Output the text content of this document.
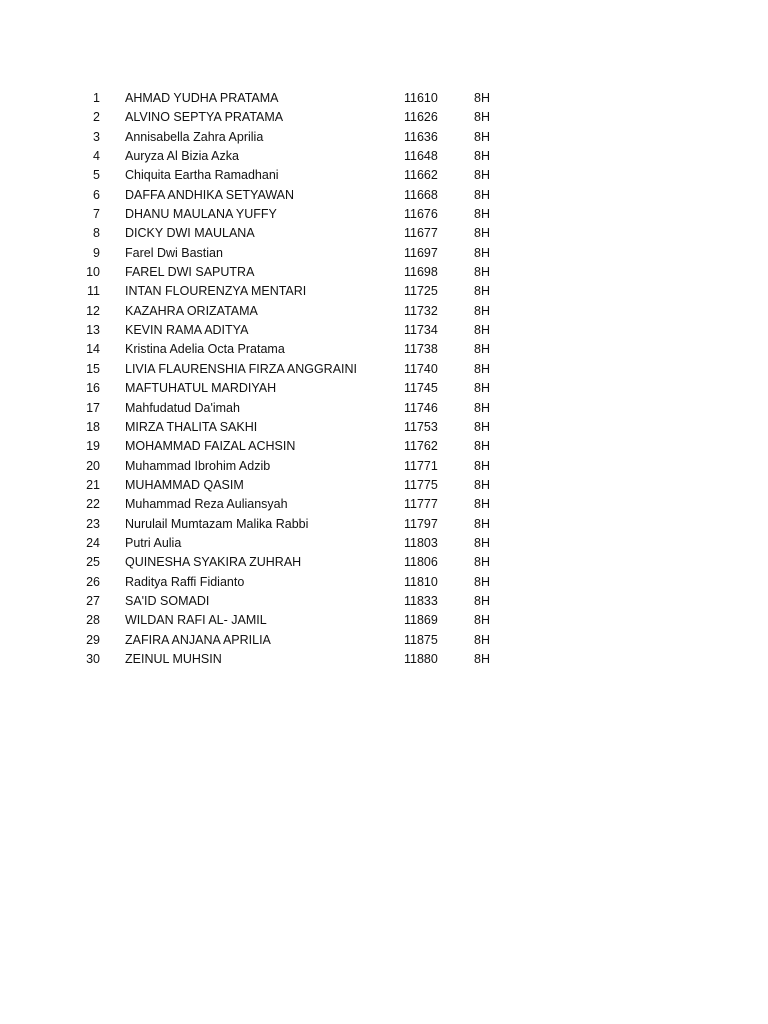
1 AHMAD YUDHA PRATAMA	11610	8H
2 ALVINO SEPTYA PRATAMA	11626	8H
3 Annisabella Zahra Aprilia	11636	8H
4 Auryza Al Bizia Azka	11648	8H
5 Chiquita Eartha Ramadhani	11662	8H
6 DAFFA ANDHIKA SETYAWAN	11668	8H
7 DHANU MAULANA YUFFY	11676	8H
8 DICKY DWI MAULANA	11677	8H
9 Farel Dwi Bastian	11697	8H
10 FAREL DWI SAPUTRA	11698	8H
11 INTAN FLOURENZYA MENTARI	11725	8H
12 KAZAHRA ORIZATAMA	11732	8H
13 KEVIN RAMA ADITYA	11734	8H
14 Kristina Adelia Octa Pratama	11738	8H
15 LIVIA FLAURENSHIA FIRZA ANGGRAINI	11740	8H
16 MAFTUHATUL MARDIYAH	11745	8H
17 Mahfudatud Da'imah	11746	8H
18 MIRZA THALITA SAKHI	11753	8H
19 MOHAMMAD FAIZAL ACHSIN	11762	8H
20 Muhammad Ibrohim Adzib	11771	8H
21 MUHAMMAD QASIM	11775	8H
22 Muhammad Reza Auliansyah	11777	8H
23 Nurulail Mumtazam Malika Rabbi	11797	8H
24 Putri Aulia	11803	8H
25 QUINESHA SYAKIRA ZUHRAH	11806	8H
26 Raditya Raffi Fidianto	11810	8H
27 SA'ID SOMADI	11833	8H
28 WILDAN RAFI AL- JAMIL	11869	8H
29 ZAFIRA ANJANA APRILIA	11875	8H
30 ZEINUL MUHSIN	11880	8H
